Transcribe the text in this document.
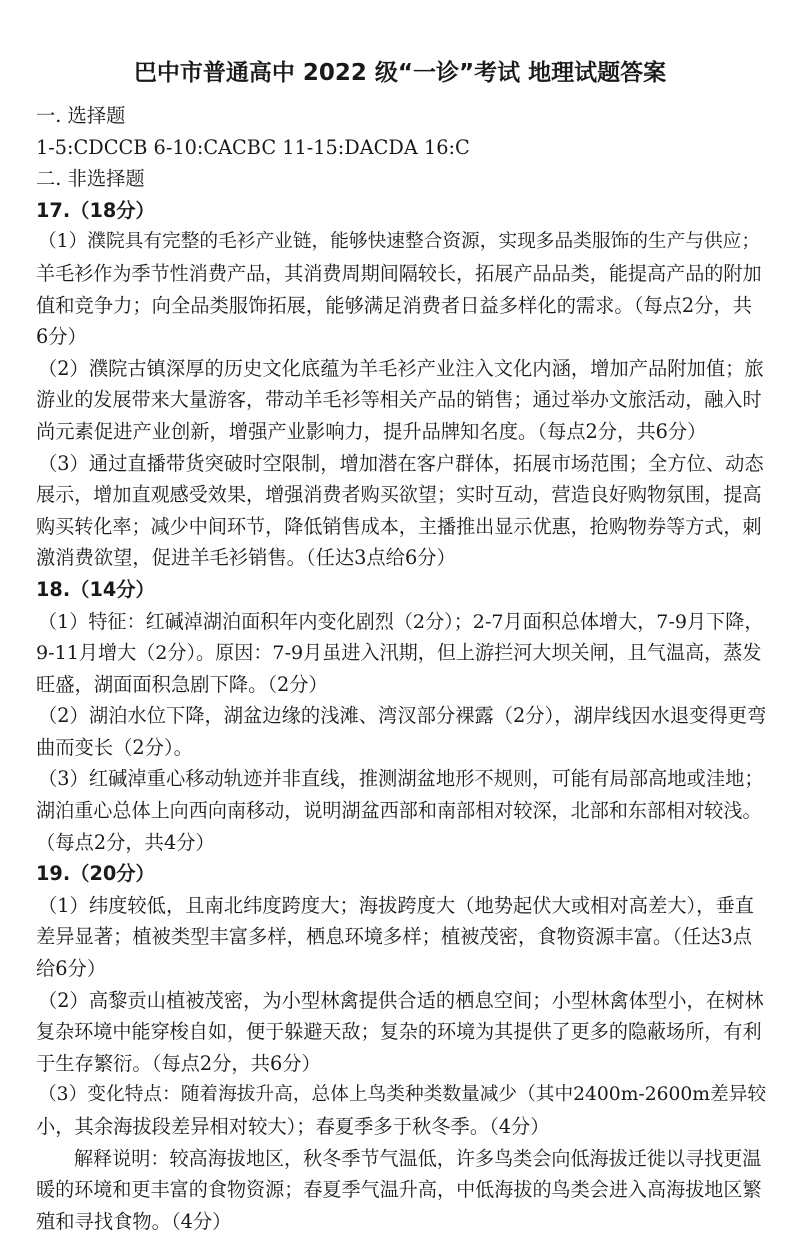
巴中市普通高中 2022 级“一诊”考试 地理试题答案
一. 选择题
1-5:CDCCB 6-10:CACBC 11-15:DACDA 16:C
二. 非选择题
17.（18分）
（1）濮院具有完整的毛衫产业链，能够快速整合资源，实现多品类服饰的生产与供应；
羊毛衫作为季节性消费产品，其消费周期间隔较长，拓展产品品类，能提高产品的附加
值和竞争力；向全品类服饰拓展，能够满足消费者日益多样化的需求。（每点2分，共
6分）
（2）濮院古镇深厚的历史文化底蕴为羊毛衫产业注入文化内涵，增加产品附加值；旅
游业的发展带来大量游客，带动羊毛衫等相关产品的销售；通过举办文旅活动，融入时
尚元素促进产业创新，增强产业影响力，提升品牌知名度。（每点2分，共6分）
（3）通过直播带货突破时空限制，增加潜在客户群体，拓展市场范围；全方位、动态
展示，增加直观感受效果，增强消费者购买欲望；实时互动，营造良好购物氛围，提高
购买转化率；减少中间环节，降低销售成本，主播推出显示优惠，抢购物券等方式，刺
激消费欲望，促进羊毛衫销售。（任达3点给6分）
18.（14分）
（1）特征：红碱淖湖泊面积年内变化剧烈（2分）；2-7月面积总体增大，7-9月下降，
9-11月增大（2分）。原因：7-9月虽进入汛期，但上游拦河大坝关闸，且气温高，蒸发
旺盛，湖面面积急剧下降。（2分）
（2）湖泊水位下降，湖盆边缘的浅滩、湾汊部分裸露（2分），湖岸线因水退变得更弯
曲而变长（2分）。
（3）红碱淖重心移动轨迹并非直线，推测湖盆地形不规则，可能有局部高地或洼地；
湖泊重心总体上向西向南移动，说明湖盆西部和南部相对较深，北部和东部相对较浅。
（每点2分，共4分）
19.（20分）
（1）纬度较低，且南北纬度跨度大；海拔跨度大（地势起伏大或相对高差大），垂直
差异显著；植被类型丰富多样，栖息环境多样；植被茂密，食物资源丰富。（任达3点
给6分）
（2）高黎贡山植被茂密，为小型林禽提供合适的栖息空间；小型林禽体型小，在树林
复杂环境中能穿梭自如，便于躲避天敌；复杂的环境为其提供了更多的隐蔽场所，有利
于生存繁衍。（每点2分，共6分）
（3）变化特点：随着海拔升高，总体上鸟类种类数量减少（其中2400m-2600m差异较
小，其余海拔段差异相对较大）；春夏季多于秋冬季。（4分）
解释说明：较高海拔地区，秋冬季节气温低，许多鸟类会向低海拔迁徙以寻找更温
暖的环境和更丰富的食物资源；春夏季气温升高，中低海拔的鸟类会进入高海拔地区繁
殖和寻找食物。（4分）
